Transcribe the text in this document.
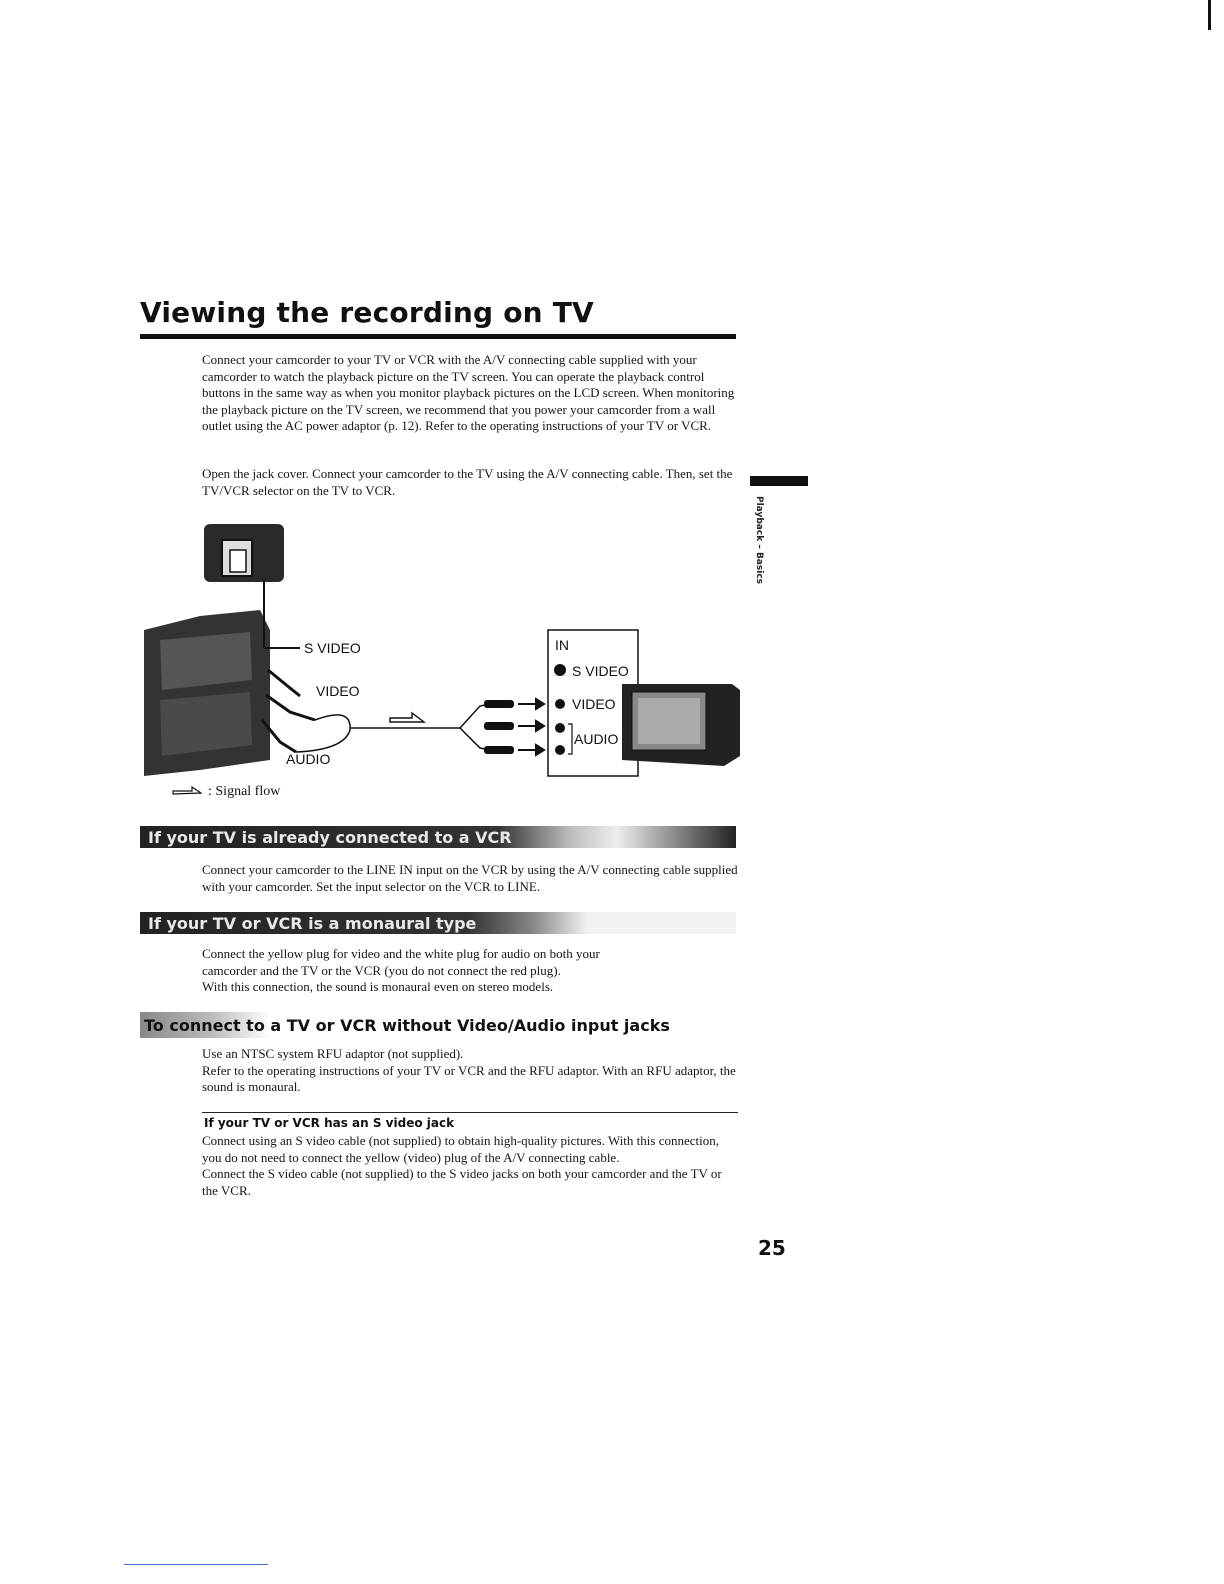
Viewing the recording on TV

Connect your camcorder to your TV or VCR with the A/V connecting cable supplied with your camcorder to watch the playback picture on the TV screen. You can operate the playback control buttons in the same way as when you monitor playback pictures on the LCD screen. When monitoring the playback picture on the TV screen, we recommend that you power your camcorder from a wall outlet using the AC power adaptor (p. 12). Refer to the operating instructions of your TV or VCR.

Open the jack cover. Connect your camcorder to the TV using the A/V connecting cable. Then, set the TV/VCR selector on the TV to VCR.

Playback – Basics
S VIDEO
VIDEO
AUDIO
IN
S VIDEO
VIDEO
AUDIO
: Signal flow
If your TV is already connected to a VCR

Connect your camcorder to the LINE IN input on the VCR by using the A/V connecting cable supplied with your camcorder. Set the input selector on the VCR to LINE.

If your TV or VCR is a monaural type

Connect the yellow plug for video and the white plug for audio on both your

camcorder and the TV or the VCR (you do not connect the red plug).

With this connection, the sound is monaural even on stereo models.

To connect to a TV or VCR without Video/Audio input jacks

Use an NTSC system RFU adaptor (not supplied).

Refer to the operating instructions of your TV or VCR and the RFU adaptor. With an RFU adaptor, the sound is monaural.

If your TV or VCR has an S video jack

Connect using an S video cable (not supplied) to obtain high-quality pictures. With this connection, you do not need to connect the yellow (video) plug of the A/V connecting cable.

Connect the S video cable (not supplied) to the S video jacks on both your camcorder and the TV or the VCR.

25
